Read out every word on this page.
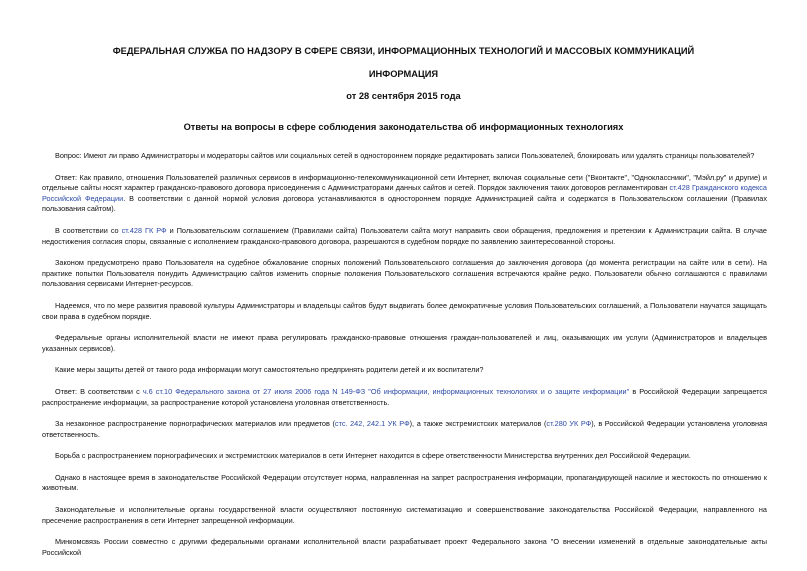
ФЕДЕРАЛЬНАЯ СЛУЖБА ПО НАДЗОРУ В СФЕРЕ СВЯЗИ, ИНФОРМАЦИОННЫХ ТЕХНОЛОГИЙ И МАССОВЫХ КОММУНИКАЦИЙ
ИНФОРМАЦИЯ
от 28 сентября 2015 года
Ответы на вопросы в сфере соблюдения законодательства об информационных технологиях

Вопрос: Имеют ли право Администраторы и модераторы сайтов или социальных сетей в одностороннем порядке редактировать записи Пользователей, блокировать или удалять страницы пользователей?

Ответ: Как правило, отношения Пользователей различных сервисов в информационно-телекоммуникационной сети Интернет, включая социальные сети ("Вконтакте", "Одноклассники", "Мэйл.ру" и другие) и отдельные сайты носят характер гражданско-правового договора присоединения с Администраторами данных сайтов и сетей. Порядок заключения таких договоров регламентирован ст.428 Гражданского кодекса Российской Федерации. В соответствии с данной нормой условия договора устанавливаются в одностороннем порядке Администрацией сайта и содержатся в Пользовательском соглашении (Правилах пользования сайтом).

В соответствии со ст.428 ГК РФ и Пользовательским соглашением (Правилами сайта) Пользователи сайта могут направить свои обращения, предложения и претензии к Администрации сайта. В случае недостижения согласия споры, связанные с исполнением гражданско-правового договора, разрешаются в судебном порядке по заявлению заинтересованной стороны.

Законом предусмотрено право Пользователя на судебное обжалование спорных положений Пользовательского соглашения до заключения договора (до момента регистрации на сайте или в сети). На практике попытки Пользователя понудить Администрацию сайтов изменить спорные положения Пользовательского соглашения встречаются крайне редко. Пользователи обычно соглашаются с правилами пользования сервисами Интернет-ресурсов.

Надеемся, что по мере развития правовой культуры Администраторы и владельцы сайтов будут выдвигать более демократичные условия Пользовательских соглашений, а Пользователи научатся защищать свои права в судебном порядке.

Федеральные органы исполнительной власти не имеют права регулировать гражданско-правовые отношения граждан-пользователей и лиц, оказывающих им услуги (Администраторов и владельцев указанных сервисов).

Какие меры защиты детей от такого рода информации могут самостоятельно предпринять родители детей и их воспитатели?

Ответ: В соответствии с ч.6 ст.10 Федерального закона от 27 июля 2006 года N 149-ФЗ "Об информации, информационных технологиях и о защите информации" в Российской Федерации запрещается распространение информации, за распространение которой установлена уголовная ответственность.

За незаконное распространение порнографических материалов или предметов (стс. 242, 242.1 УК РФ), а также экстремистских материалов (ст.280 УК РФ), в Российской Федерации установлена уголовная ответственность.

Борьба с распространением порнографических и экстремистских материалов в сети Интернет находится в сфере ответственности Министерства внутренних дел Российской Федерации.

Однако в настоящее время в законодательстве Российской Федерации отсутствует норма, направленная на запрет распространения информации, пропагандирующей насилие и жестокость по отношению к животным.

Законодательные и исполнительные органы государственной власти осуществляют постоянную систематизацию и совершенствование законодательства Российской Федерации, направленного на пресечение распространения в сети Интернет запрещенной информации.

Минкомсвязь России совместно с другими федеральными органами исполнительной власти разрабатывает проект Федерального закона "О внесении изменений в отдельные законодательные акты Российской
